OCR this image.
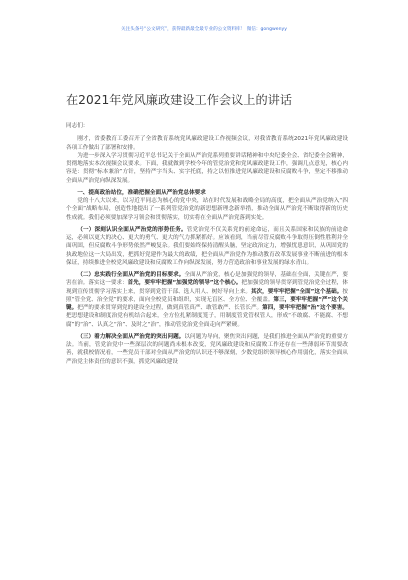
关注头条号“公文研究”，获得最新最全最专业的公文资料库！ 微信：gongwenyy
在2021年党风廉政建设工作会议上的讲话

同志们：

刚才，省委教育工委召开了全省教育系统党风廉政建设工作视频会议，对我省教育系统2021年党风廉政建设各项工作做出了部署和安排。

为进一步深入学习贯彻习近平总书记关于全面从严治党系列重要讲话精神和中央纪委全会、省纪委全会精神，贯彻地落实本次视频会议要求。下面，我就做到学校今年的管党治党和党风廉政建设工作，强调几点意见，核心内容是：贯彻“标本兼治”方针，坚持严字当头、实字托底，持之以恒推进党风廉政建设和反腐败斗争，坚定不移推动全面从严治党向纵深发展。

一、提高政治站位，准确把握全面从严治党总体要求

党的十八大以来，以习近平同志为核心的党中央，站在时代发展和战略全局的高度，把全面从严治党纳入“四个全面”战略布局，创造性地提出了一系列管党治党的新思想新理念新举措，推动全面从严治党不断取得新的历史性成就。我们必须要加深学习领会和贯彻落实，切实将在全面从严治党落到实处。

（一）深刻认识全面从严治党的形势任务。管党治党不仅关系党的前途命运，而且关系国家和民族的前途命运，必须以更大的决心、更大的勇气、更大的气力抓紧抓好。应该看到，当前尽管反腐败斗争取得压倒性胜利并全面巩固，但反腐败斗争形势依然严峻复杂。我们要始终保持清醒头脑，坚定政治定力，增强忧患意识，从巩固党的执政地位这一大局出发，把抓好党建作为最大的政绩，把全面从严治党作为推动教育改革发展事业不断前进的根本保证，持续推进全校党风廉政建设和反腐败工作向纵深发展，努力营造政治和事业发展的绿水青山。

（二）忠实践行全面从严治党的目标要求。全面从严治党，核心是加强党的领导，基础在全面，关键在严，要害在治。落实这一要求：首先，要牢牢把握“加强党的领导”这个核心。把加强党的领导贯穿到管党治党全过程，体现到宣传贯彻学习落实上来，贯穿到党管干部、选人用人、树好导向上来。其次，要牢牢把握“全面”这个基础。按照“管全党、治全党”的要求，面向全校党员和组织，实现无盲区、全方位、全覆盖。第三，要牢牢把握“严”这个关键。把严的要求贯穿到党的建设全过程，做到真管真严、敢管敢严、长管长严。第四，要牢牢把握“治”这个要害。把思想建设和制度治党有机结合起来，全方位扎紧制度笼子，用制度管党管权管人，形成“不敢腐、不能腐、不想腐”的“治”、认真之“治”、及时之“治”，推动管党治党全面走向严紧硬。

（三）着力解决全面从严治党的突出问题。以问题为导向，聚焦突出问题，是我们推进全面从严治党的重要方法。当前，管党治党中一些深层次的问题尚未根本改变，党风廉政建设和反腐败工作还存在一些薄弱环节需要改善，就我校情况看，一些党员干部对全面从严治党的认识还不够深刻，少数党组织领导核心作用弱化，落实全面从严治党主体责任的意识不强，抓党风廉政建设
